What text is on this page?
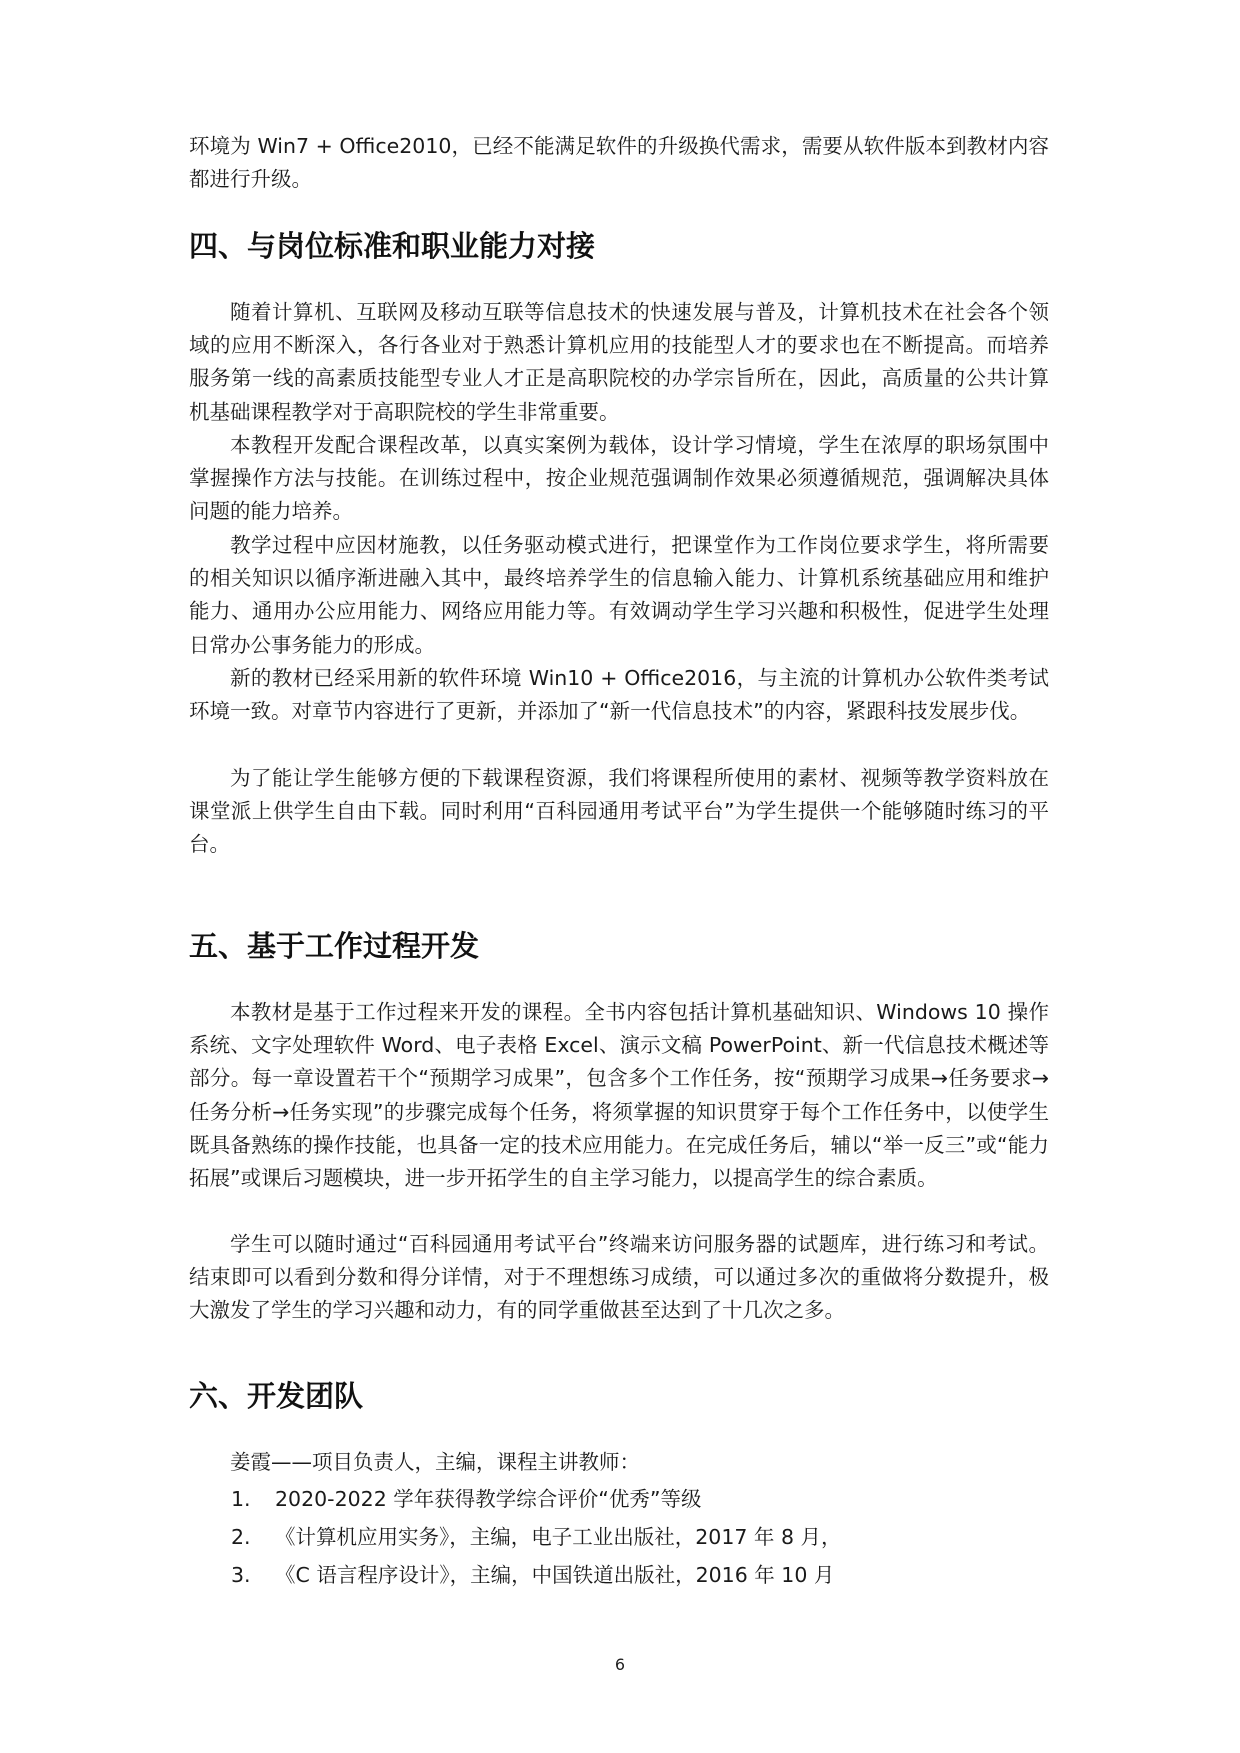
环境为 Win7 + Office2010，已经不能满足软件的升级换代需求，需要从软件版本到教材内容都进行升级。

四、与岗位标准和职业能力对接

随着计算机、互联网及移动互联等信息技术的快速发展与普及，计算机技术在社会各个领域的应用不断深入，各行各业对于熟悉计算机应用的技能型人才的要求也在不断提高。而培养服务第一线的高素质技能型专业人才正是高职院校的办学宗旨所在，因此，高质量的公共计算机基础课程教学对于高职院校的学生非常重要。

本教程开发配合课程改革，以真实案例为载体，设计学习情境，学生在浓厚的职场氛围中掌握操作方法与技能。在训练过程中，按企业规范强调制作效果必须遵循规范，强调解决具体问题的能力培养。

教学过程中应因材施教，以任务驱动模式进行，把课堂作为工作岗位要求学生，将所需要的相关知识以循序渐进融入其中，最终培养学生的信息输入能力、计算机系统基础应用和维护能力、通用办公应用能力、网络应用能力等。有效调动学生学习兴趣和积极性，促进学生处理日常办公事务能力的形成。

新的教材已经采用新的软件环境 Win10 + Office2016，与主流的计算机办公软件类考试环境一致。对章节内容进行了更新，并添加了“新一代信息技术”的内容，紧跟科技发展步伐。

为了能让学生能够方便的下载课程资源，我们将课程所使用的素材、视频等教学资料放在课堂派上供学生自由下载。同时利用“百科园通用考试平台”为学生提供一个能够随时练习的平台。

五、基于工作过程开发

本教材是基于工作过程来开发的课程。全书内容包括计算机基础知识、Windows 10 操作系统、文字处理软件 Word、电子表格 Excel、演示文稿 PowerPoint、新一代信息技术概述等部分。每一章设置若干个“预期学习成果”，包含多个工作任务，按“预期学习成果→任务要求→任务分析→任务实现”的步骤完成每个任务，将须掌握的知识贯穿于每个工作任务中，以使学生既具备熟练的操作技能，也具备一定的技术应用能力。在完成任务后，辅以“举一反三”或“能力拓展”或课后习题模块，进一步开拓学生的自主学习能力，以提高学生的综合素质。

学生可以随时通过“百科园通用考试平台”终端来访问服务器的试题库，进行练习和考试。结束即可以看到分数和得分详情，对于不理想练习成绩，可以通过多次的重做将分数提升，极大激发了学生的学习兴趣和动力，有的同学重做甚至达到了十几次之多。

六、开发团队

姜霞——项目负责人，主编，课程主讲教师：

1. 2020-2022 学年获得教学综合评价“优秀”等级
2. 《计算机应用实务》，主编，电子工业出版社，2017 年 8 月，
3. 《C 语言程序设计》，主编，中国铁道出版社，2016 年 10 月
6
